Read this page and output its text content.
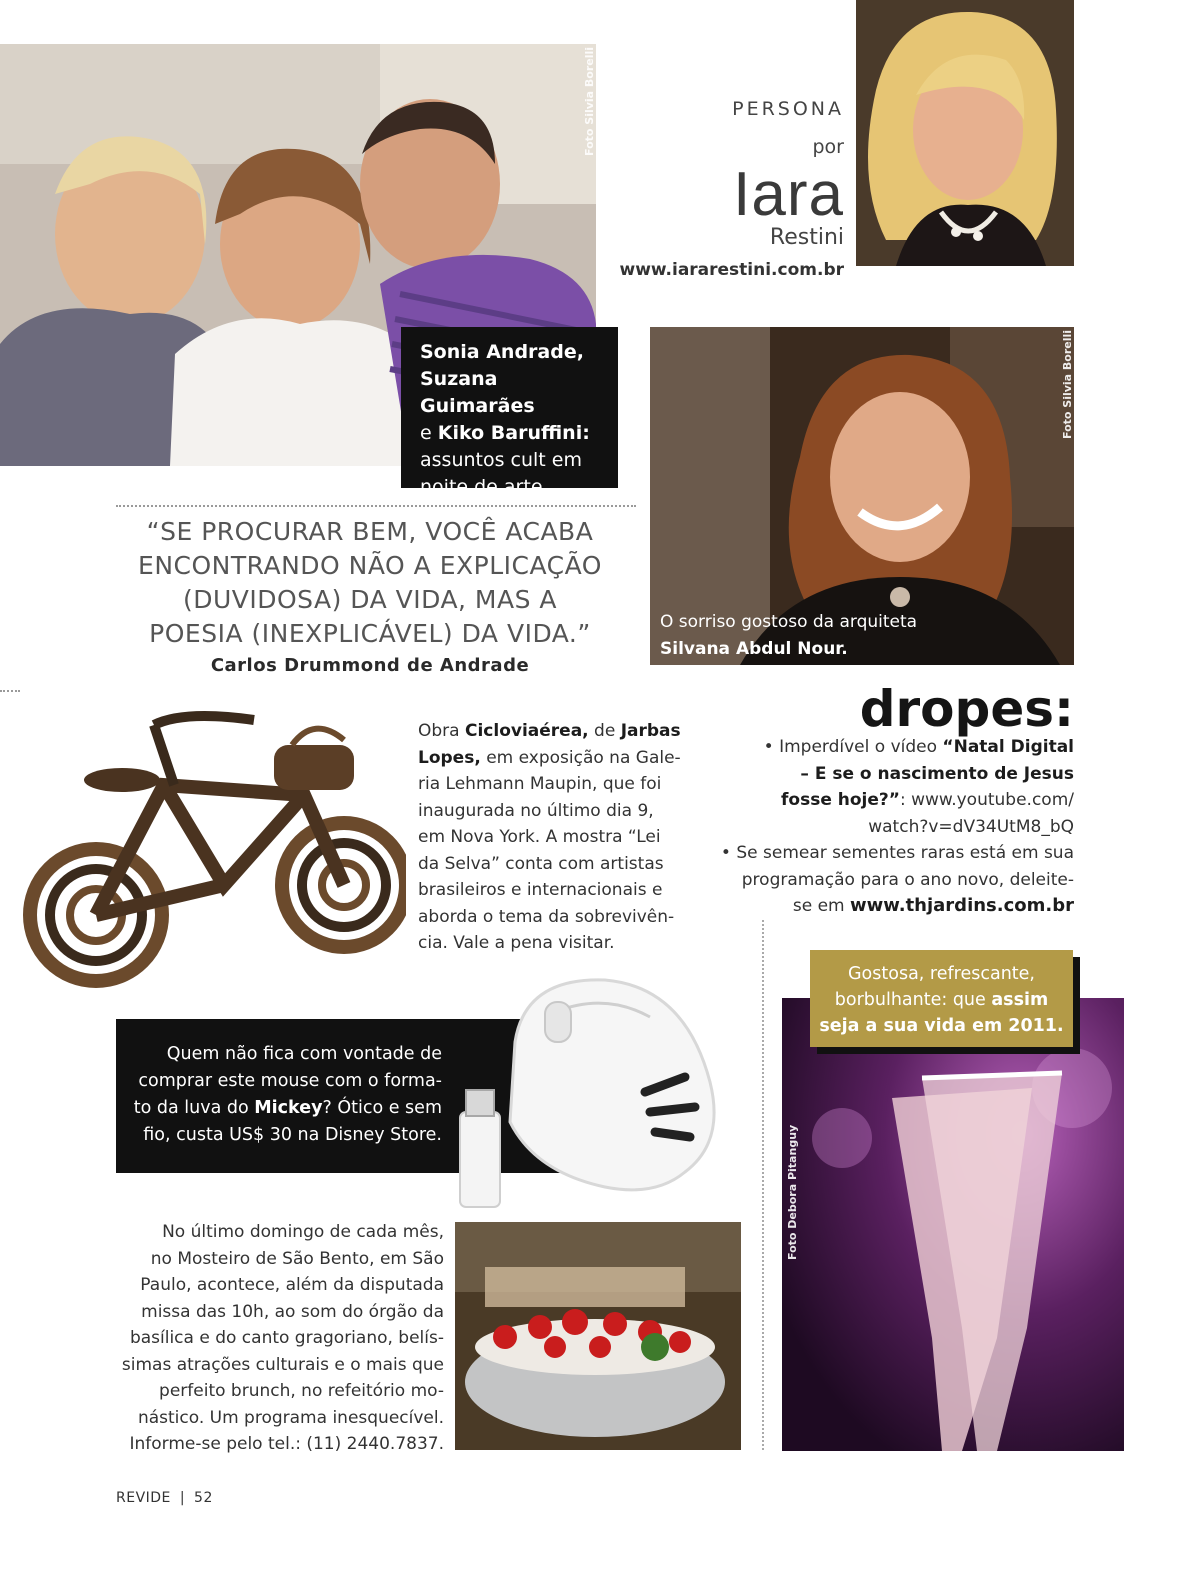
Foto Silvia Borelli
Sonia Andrade,
Suzana Guimarães
e Kiko Baruffini:
assuntos cult em
noite de arte.
PERSONA
por
Iara
Restini
www.iararestini.com.br
Foto Silvia Borelli
O sorriso gostoso da arquiteta
Silvana Abdul Nour.
“SE PROCURAR BEM, VOCÊ ACABA
ENCONTRANDO NÃO A EXPLICAÇÃO
(DUVIDOSA) DA VIDA, MAS A
POESIA (INEXPLICÁVEL) DA VIDA.”
Carlos Drummond de Andrade
Obra Cicloviaérea, de Jarbas
Lopes, em exposição na Gale-
ria Lehmann Maupin, que foi
inaugurada no último dia 9,
em Nova York. A mostra “Lei
da Selva” conta com artistas
brasileiros e internacionais e
aborda o tema da sobrevivên-
cia. Vale a pena visitar.
dropes:
• Imperdível o vídeo “Natal Digital
– E se o nascimento de Jesus
fosse hoje?”: www.youtube.com/
watch?v=dV34UtM8_bQ
• Se semear sementes raras está em sua
programação para o ano novo, deleite-
se em www.thjardins.com.br
Foto Debora Pitanguy
Gostosa, refrescante,
borbulhante: que assim
seja a sua vida em 2011.
Quem não fica com vontade de
comprar este mouse com o forma-
to da luva do Mickey? Ótico e sem
fio, custa US$ 30 na Disney Store.
No último domingo de cada mês,
no Mosteiro de São Bento, em São
Paulo, acontece, além da disputada
missa das 10h, ao som do órgão da
basílica e do canto gragoriano, belís-
simas atrações culturais e o mais que
perfeito brunch, no refeitório mo-
nástico. Um programa inesquecível.
Informe-se pelo tel.: (11) 2440.7837.
REVIDE | 52
